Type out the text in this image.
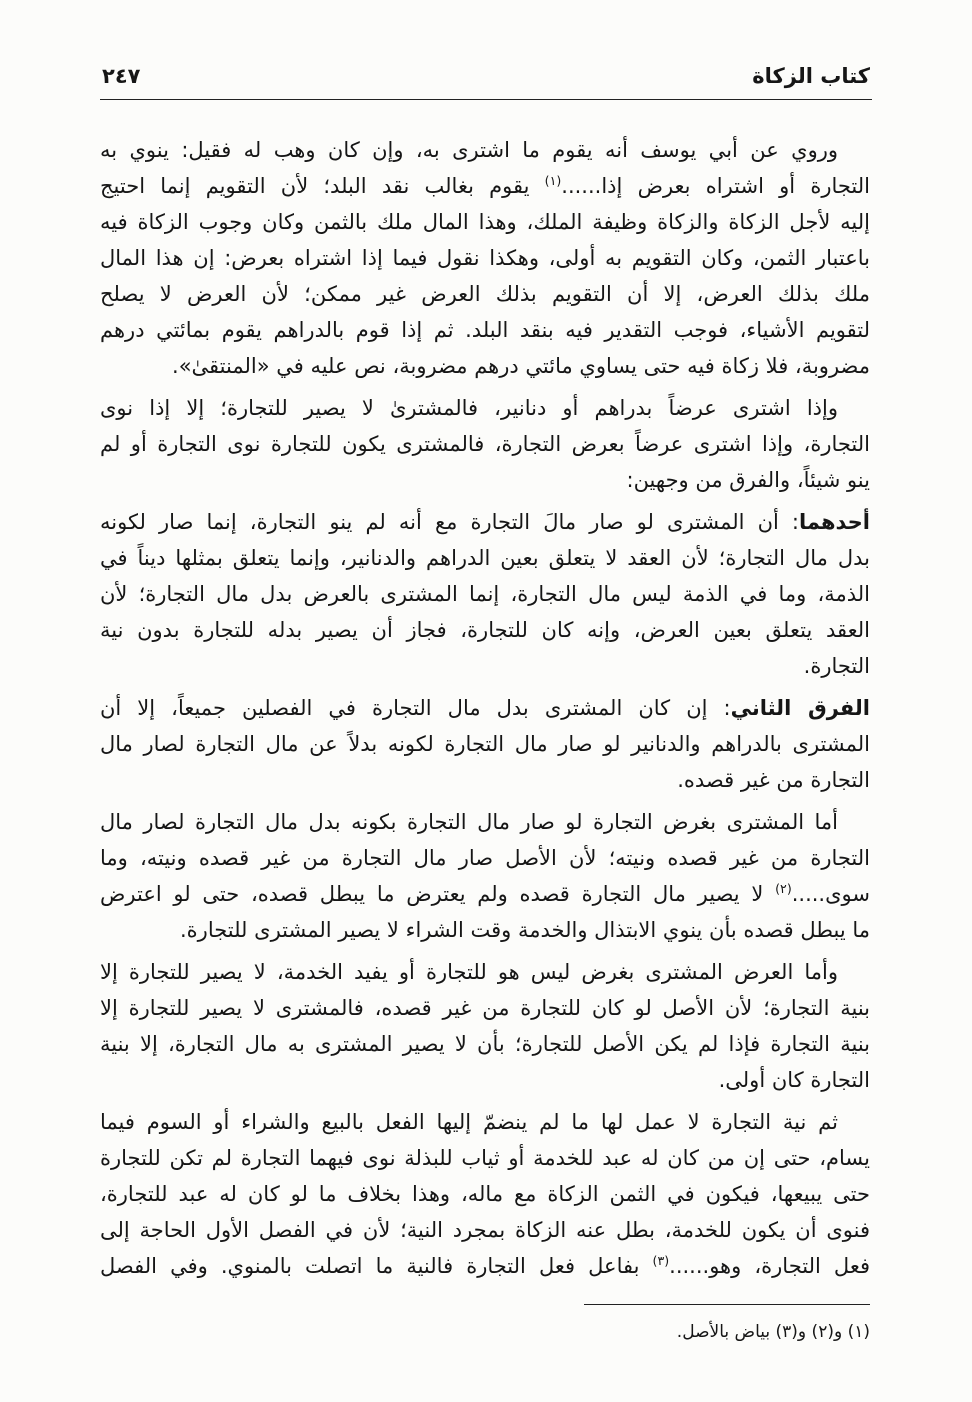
كتاب الزكاة
٢٤٧
وروي عن أبي يوسف أنه يقوم ما اشترى به، وإن كان وهب له فقيل: ينوي به
التجارة أو اشتراه بعرض إذا......$^{(١)}$ يقوم بغالب نقد البلد؛ لأن التقويم إنما احتيج
إليه لأجل الزكاة والزكاة وظيفة الملك، وهذا المال ملك بالثمن وكان وجوب الزكاة فيه
باعتبار الثمن، وكان التقويم به أولى، وهكذا نقول فيما إذا اشتراه بعرض: إن هذا المال
ملك بذلك العرض، إلا أن التقويم بذلك العرض غير ممكن؛ لأن العرض لا يصلح
لتقويم الأشياء، فوجب التقدير فيه بنقد البلد. ثم إذا قوم بالدراهم يقوم بمائتي درهم
مضروبة، فلا زكاة فيه حتى يساوي مائتي درهم مضروبة، نص عليه في «المنتقىٰ».
وإذا اشترى عرضاً بدراهم أو دنانير، فالمشترىٰ لا يصير للتجارة؛ إلا إذا نوى
التجارة، وإذا اشترى عرضاً بعرض التجارة، فالمشترى يكون للتجارة نوى التجارة أو لم
ينو شيئاً، والفرق من وجهين:
أحدهما: أن المشترى لو صار مالَ التجارة مع أنه لم ينو التجارة، إنما صار لكونه
بدل مال التجارة؛ لأن العقد لا يتعلق بعين الدراهم والدنانير، وإنما يتعلق بمثلها ديناً في
الذمة، وما في الذمة ليس مال التجارة، إنما المشترى بالعرض بدل مال التجارة؛ لأن
العقد يتعلق بعين العرض، وإنه كان للتجارة، فجاز أن يصير بدله للتجارة بدون نية
التجارة.
الفرق الثاني: إن كان المشترى بدل مال التجارة في الفصلين جميعاً، إلا أن
المشترى بالدراهم والدنانير لو صار مال التجارة لكونه بدلاً عن مال التجارة لصار مال
التجارة من غير قصده.
أما المشترى بغرض التجارة لو صار مال التجارة بكونه بدل مال التجارة لصار مال
التجارة من غير قصده ونيته؛ لأن الأصل صار مال التجارة من غير قصده ونيته، وما
سوى.....$^{(٢)}$ لا يصير مال التجارة قصده ولم يعترض ما يبطل قصده، حتى لو اعترض
ما يبطل قصده بأن ينوي الابتذال والخدمة وقت الشراء لا يصير المشترى للتجارة.
وأما العرض المشترى بغرض ليس هو للتجارة أو يفيد الخدمة، لا يصير للتجارة إلا
بنية التجارة؛ لأن الأصل لو كان للتجارة من غير قصده، فالمشترى لا يصير للتجارة إلا
بنية التجارة فإذا لم يكن الأصل للتجارة؛ بأن لا يصير المشترى به مال التجارة، إلا بنية
التجارة كان أولى.
ثم نية التجارة لا عمل لها ما لم ينضمّ إليها الفعل بالبيع والشراء أو السوم فيما
يسام، حتى إن من كان له عبد للخدمة أو ثياب للبذلة نوى فيهما التجارة لم تكن للتجارة
حتى يبيعها، فيكون في الثمن الزكاة مع ماله، وهذا بخلاف ما لو كان له عبد للتجارة،
فنوى أن يكون للخدمة، بطل عنه الزكاة بمجرد النية؛ لأن في الفصل الأول الحاجة إلى
فعل التجارة، وهو......$^{(٣)}$ بفاعل فعل التجارة فالنية ما اتصلت بالمنوي. وفي الفصل
(١) و(٢) و(٣) بياض بالأصل.
